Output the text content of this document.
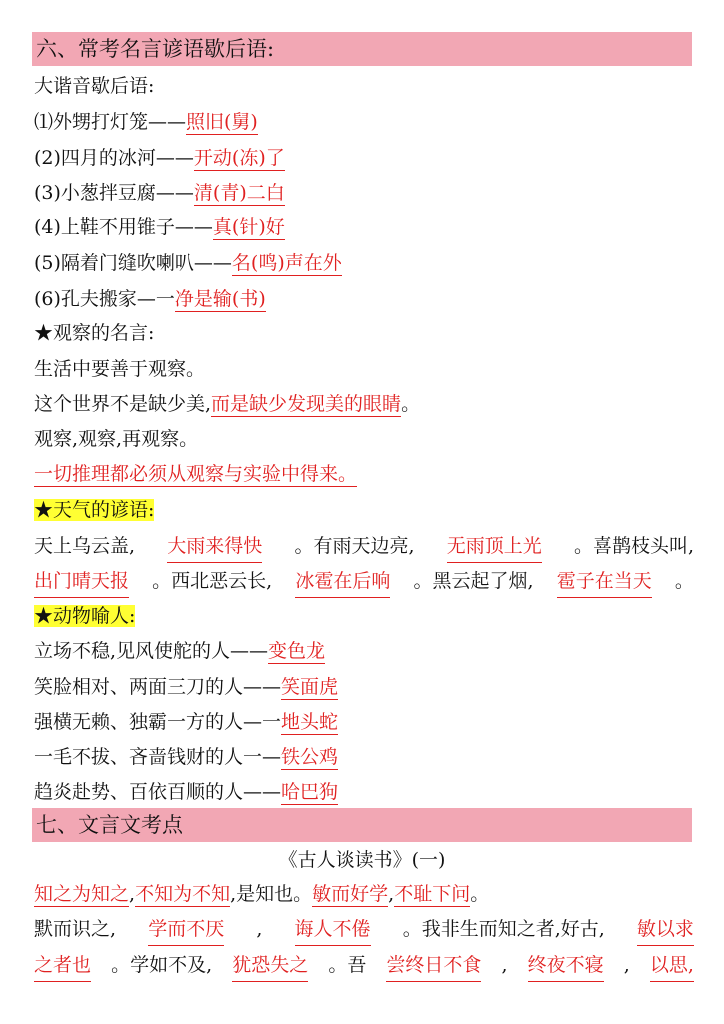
六、常考名言谚语歇后语:
大谐音歇后语:
⑴外甥打灯笼——照旧(舅)
(2)四月的冰河——开动(冻)了
(3)小葱拌豆腐——清(青)二白
(4)上鞋不用锥子——真(针)好
(5)隔着门缝吹喇叭——名(鸣)声在外
(6)孔夫搬家—一净是输(书)
★观察的名言:
生活中要善于观察。
这个世界不是缺少美,而是缺少发现美的眼睛。
观察,观察,再观察。
一切推理都必须从观察与实验中得来。
★天气的谚语:
天上乌云盖, 大雨来得快 。有雨天边亮, 无雨顶上光 。喜鹊枝头叫,
出门晴天报 。西北恶云长, 冰雹在后响 。黑云起了烟, 雹子在当天 。
★动物喻人:
立场不稳,见风使舵的人——变色龙
笑脸相对、两面三刀的人——笑面虎
强横无赖、独霸一方的人—一地头蛇
一毛不拔、吝啬钱财的人一—铁公鸡
趋炎赴势、百依百顺的人——哈巴狗
七、文言文考点
《古人谈读书》(一)
知之为知之,不知为不知,是知也。敏而好学,不耻下问。
默而识之, 学而不厌 , 诲人不倦 。我非生而知之者,好古, 敏以求
之者也 。学如不及, 犹恐失之 。吾 尝终日不食 , 终夜不寝 , 以思,
